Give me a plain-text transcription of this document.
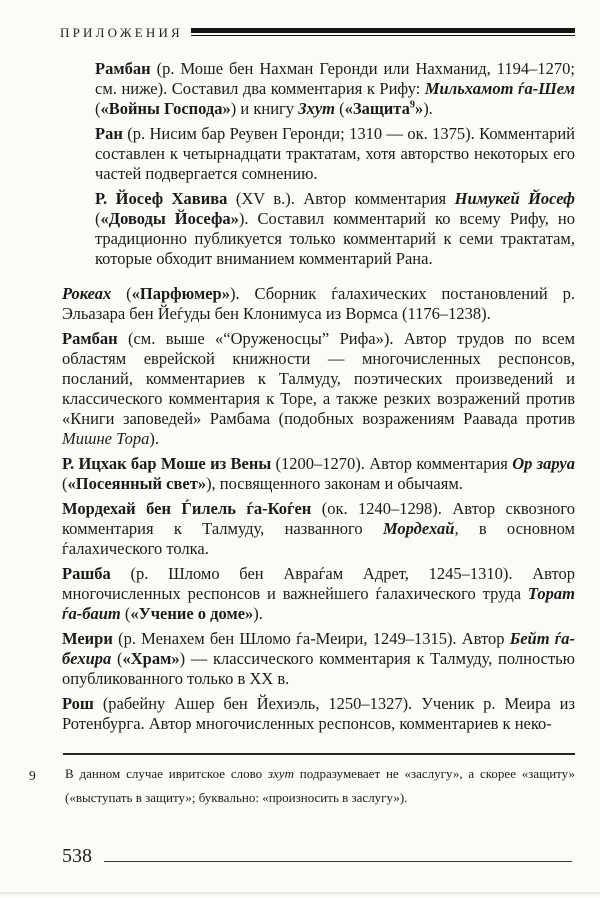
ПРИЛОЖЕНИЯ

Рамбан (р. Моше бен Нахман Геронди или Нахманид, 1194–1270; см. ниже). Составил два комментария к Рифу: Мильхамот ѓа-Шем («Войны Господа») и книгу Зхут («Защита$^9$»).

Ран (р. Нисим бар Реувен Геронди; 1310 — ок. 1375). Комментарий составлен к четырнадцати трактатам, хотя авторство некоторых его частей подвергается сомнению.

Р. Йосеф Хавива (XV в.). Автор комментария Нимукей Йосеф («Доводы Йосефа»). Составил комментарий ко всему Рифу, но традиционно публикуется только комментарий к семи трактатам, которые обходит вниманием комментарий Рана.

Рокеах («Парфюмер»). Сборник ѓалахических постановлений р. Эльазара бен Йеѓуды бен Клонимуса из Вормса (1176–1238).

Рамбан (см. выше «“Оруженосцы” Рифа»). Автор трудов по всем областям еврейской книжности — многочисленных респонсов, посланий, комментариев к Талмуду, поэтических произведений и классического комментария к Торе, а также резких возражений против «Книги заповедей» Рамбама (подобных возражениям Раавада против Мишне Тора).

Р. Ицхак бар Моше из Вены (1200–1270). Автор комментария Ор заруа («Посеянный свет»), посвященного законам и обычаям.

Мордехай бен Ѓилель ѓа-Коѓен (ок. 1240–1298). Автор сквозного комментария к Талмуду, названного Мордехай, в основном ѓалахического толка.

Рашба (р. Шломо бен Авраѓам Адрет, 1245–1310). Автор многочисленных респонсов и важнейшего ѓалахического труда Торат ѓа-баит («Учение о доме»).

Меири (р. Менахем бен Шломо ѓа-Меири, 1249–1315). Автор Бейт ѓа-бехира («Храм») — классического комментария к Талмуду, полностью опубликованного только в XX в.

Рош (рабейну Ашер бен Йехиэль, 1250–1327). Ученик р. Меира из Ротенбурга. Автор многочисленных респонсов, комментариев к неко-

9 В данном случае ивритское слово зхут подразумевает не «заслугу», а скорее «защиту» («выступать в защиту»; буквально: «произносить в заслугу»).
538
